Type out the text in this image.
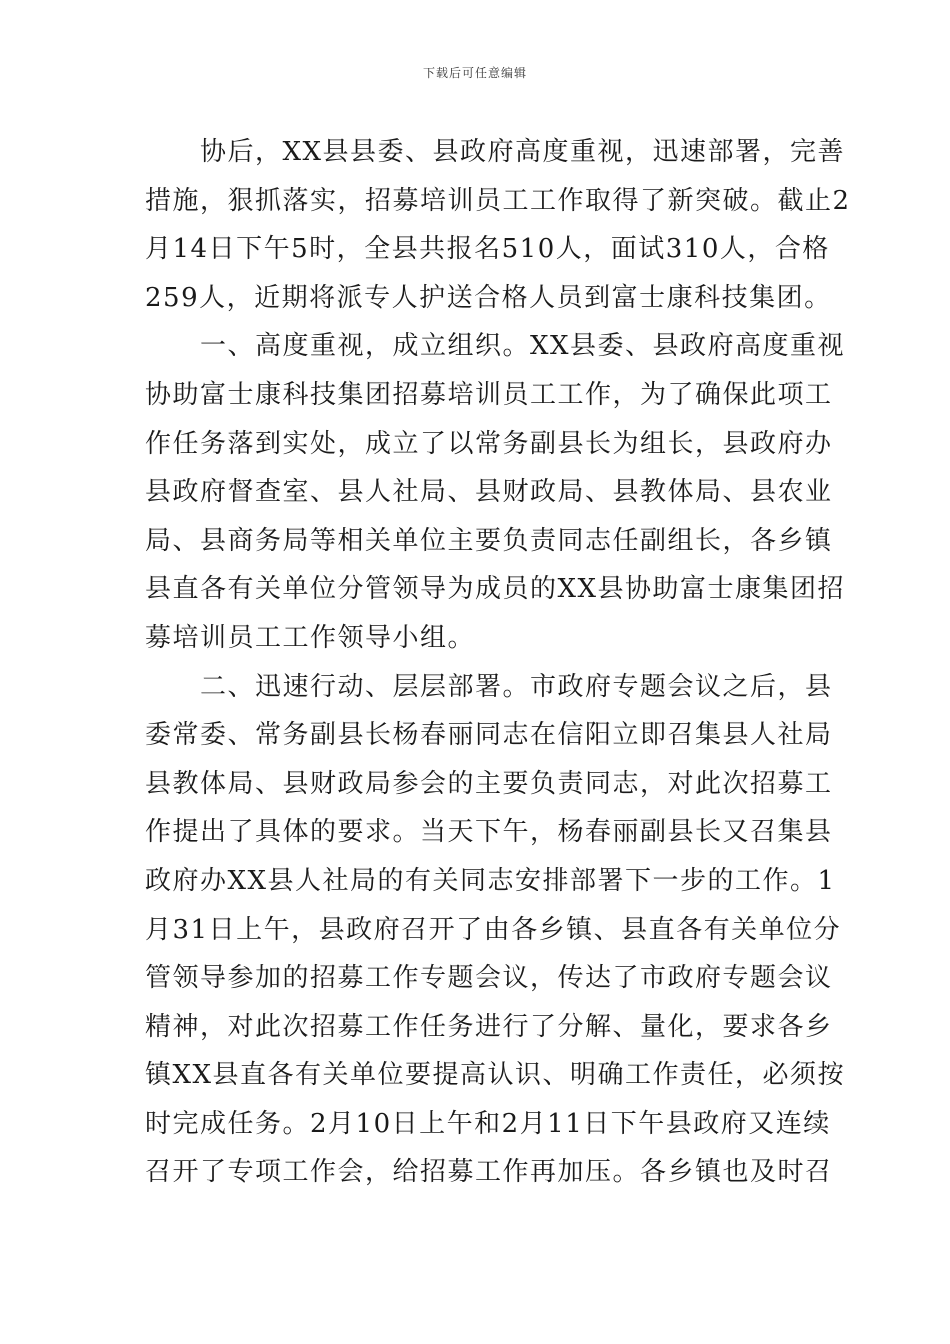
下载后可任意编辑
协后，XX县县委、县政府高度重视，迅速部署，完善
措施，狠抓落实，招募培训员工工作取得了新突破。截止2
月14日下午5时，全县共报名510人，面试310人，合格
259人，近期将派专人护送合格人员到富士康科技集团。
一、高度重视，成立组织。XX县委、县政府高度重视
协助富士康科技集团招募培训员工工作，为了确保此项工
作任务落到实处，成立了以常务副县长为组长，县政府办
县政府督查室、县人社局、县财政局、县教体局、县农业
局、县商务局等相关单位主要负责同志任副组长，各乡镇
县直各有关单位分管领导为成员的XX县协助富士康集团招
募培训员工工作领导小组。
二、迅速行动、层层部署。市政府专题会议之后，县
委常委、常务副县长杨春丽同志在信阳立即召集县人社局
县教体局、县财政局参会的主要负责同志，对此次招募工
作提出了具体的要求。当天下午，杨春丽副县长又召集县
政府办XX县人社局的有关同志安排部署下一步的工作。1
月31日上午，县政府召开了由各乡镇、县直各有关单位分
管领导参加的招募工作专题会议，传达了市政府专题会议
精神，对此次招募工作任务进行了分解、量化，要求各乡
镇XX县直各有关单位要提高认识、明确工作责任，必须按
时完成任务。2月10日上午和2月11日下午县政府又连续
召开了专项工作会，给招募工作再加压。各乡镇也及时召
